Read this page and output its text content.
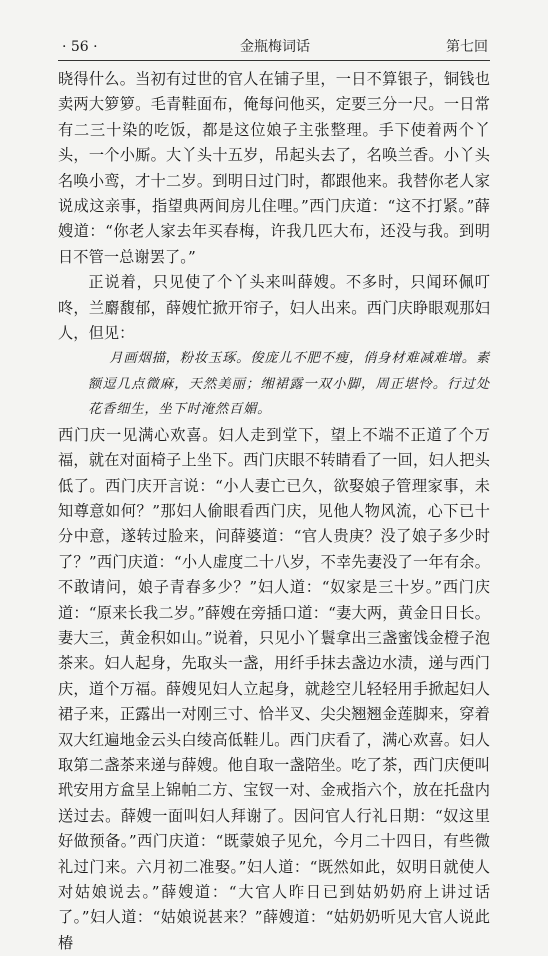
· 56 ·	金瓶梅词话	第七回

晓得什么。当初有过世的官人在铺子里，一日不算银子，铜钱也卖两大箩箩。毛青鞋面布，俺每问他买，定要三分一尺。一日常有二三十染的吃饭，都是这位娘子主张整理。手下使着两个丫头，一个小厮。大丫头十五岁，吊起头去了，名唤兰香。小丫头名唤小鸾，才十二岁。到明日过门时，都跟他来。我替你老人家说成这亲事，指望典两间房儿住哩。”西门庆道：“这不打紧。”薛嫂道：“你老人家去年买春梅，许我几匹大布，还没与我。到明日不管一总谢罢了。”

正说着，只见使了个丫头来叫薛嫂。不多时，只闻环佩叮咚，兰麝馥郁，薛嫂忙掀开帘子，妇人出来。西门庆睁眼观那妇人，但见：

月画烟描，粉妆玉琢。俊庞儿不肥不瘦，俏身材难减难增。素额逗几点微麻，天然美丽；缃裙露一双小脚，周正堪怜。行过处花香细生，坐下时淹然百媚。

西门庆一见满心欢喜。妇人走到堂下，望上不端不正道了个万福，就在对面椅子上坐下。西门庆眼不转睛看了一回，妇人把头低了。西门庆开言说：“小人妻亡已久，欲娶娘子管理家事，未知尊意如何？”那妇人偷眼看西门庆，见他人物风流，心下已十分中意，遂转过脸来，问薛婆道：“官人贵庚？没了娘子多少时了？”西门庆道：“小人虚度二十八岁，不幸先妻没了一年有余。不敢请问，娘子青春多少？”妇人道：“奴家是三十岁。”西门庆道：“原来长我二岁。”薛嫂在旁插口道：“妻大两，黄金日日长。妻大三，黄金积如山。”说着，只见小丫鬟拿出三盏蜜饯金橙子泡茶来。妇人起身，先取头一盏，用纤手抹去盏边水渍，递与西门庆，道个万福。薛嫂见妇人立起身，就趁空儿轻轻用手掀起妇人裙子来，正露出一对刚三寸、恰半叉、尖尖翘翘金莲脚来，穿着双大红遍地金云头白绫高低鞋儿。西门庆看了，满心欢喜。妇人取第二盏茶来递与薛嫂。他自取一盏陪坐。吃了茶，西门庆便叫玳安用方盒呈上锦帕二方、宝钗一对、金戒指六个，放在托盘内送过去。薛嫂一面叫妇人拜谢了。因问官人行礼日期：“奴这里好做预备。”西门庆道：“既蒙娘子见允，今月二十四日，有些微礼过门来。六月初二准娶。”妇人道：“既然如此，奴明日就使人对姑娘说去。”薛嫂道：“大官人昨日已到姑奶奶府上讲过话了。”妇人道：“姑娘说甚来？”薛嫂道：“姑奶奶听见大官人说此椿
